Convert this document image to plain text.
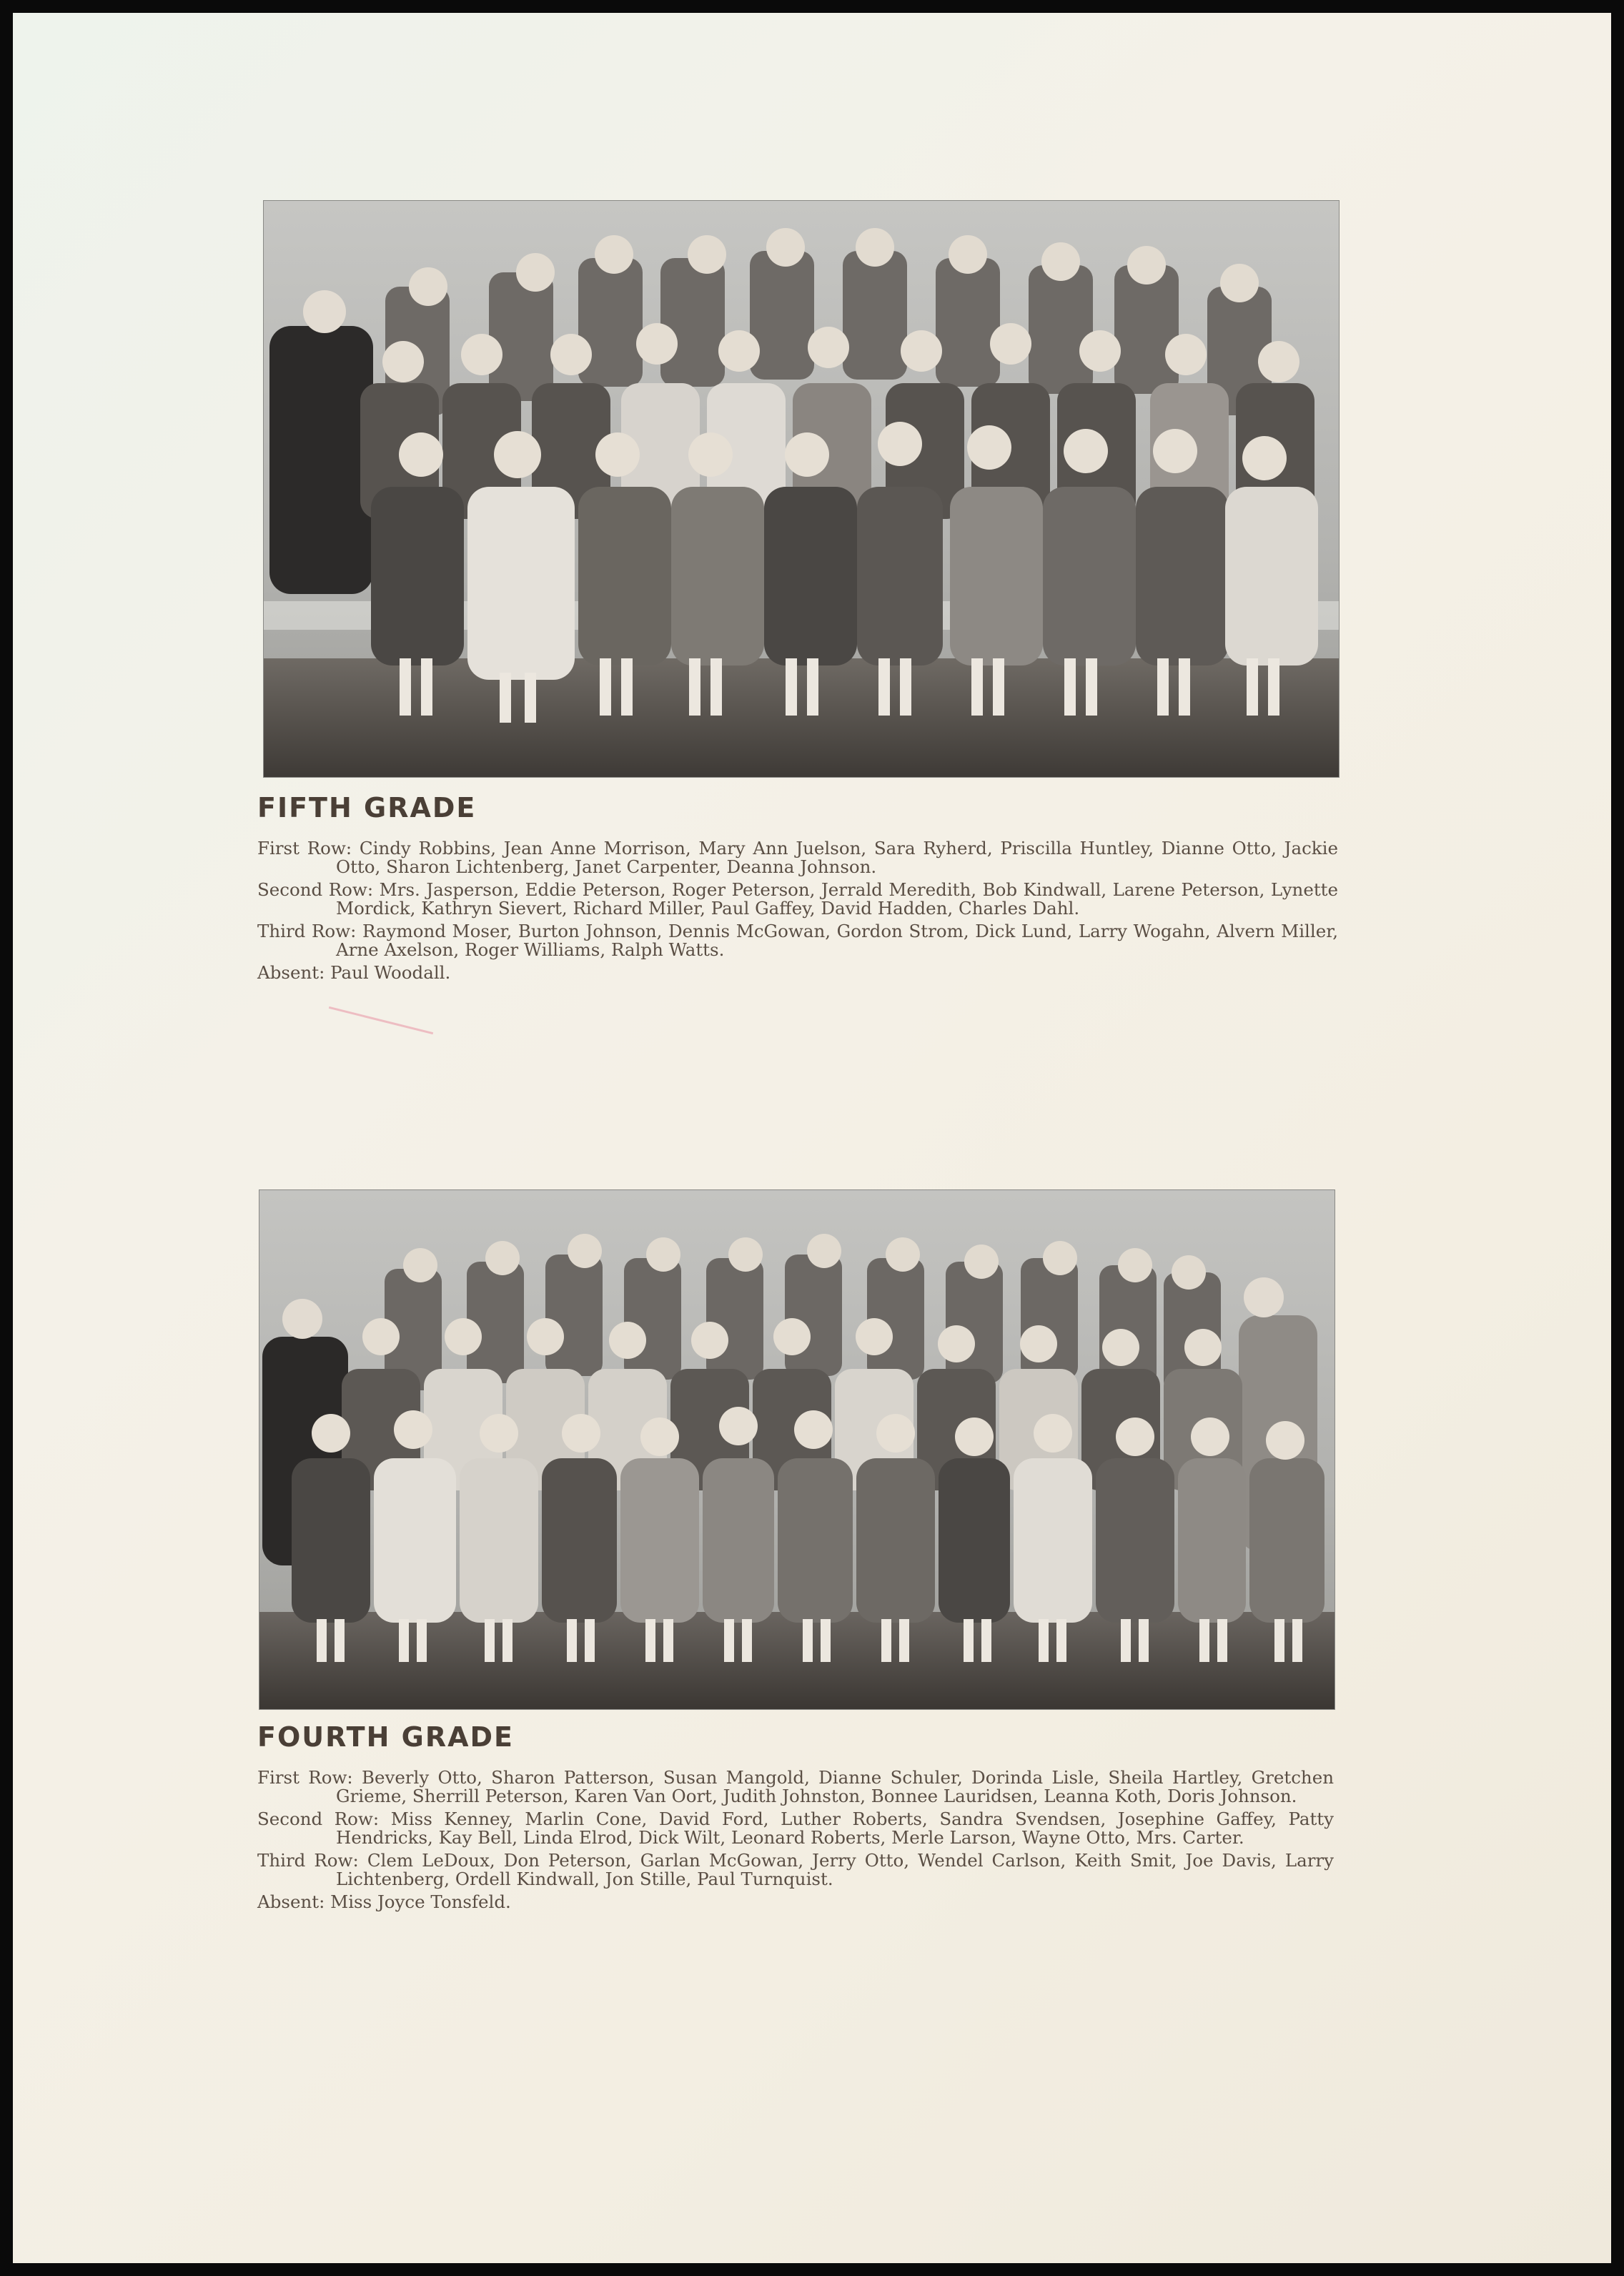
FIFTH GRADE

First Row: Cindy Robbins, Jean Anne Morrison, Mary Ann Juelson, Sara Ryherd, Priscilla Huntley, Dianne Otto, Jackie Otto, Sharon Lichtenberg, Janet Carpenter, Deanna Johnson.

Second Row: Mrs. Jasperson, Eddie Peterson, Roger Peterson, Jerrald Meredith, Bob Kindwall, Larene Peterson, Lynette Mordick, Kathryn Sievert, Richard Miller, Paul Gaffey, David Hadden, Charles Dahl.

Third Row: Raymond Moser, Burton Johnson, Dennis McGowan, Gordon Strom, Dick Lund, Larry Wogahn, Alvern Miller, Arne Axelson, Roger Williams, Ralph Watts.

Absent: Paul Woodall.

FOURTH GRADE

First Row: Beverly Otto, Sharon Patterson, Susan Mangold, Dianne Schuler, Dorinda Lisle, Sheila Hartley, Gretchen Grieme, Sherrill Peterson, Karen Van Oort, Judith Johnston, Bonnee Lauridsen, Leanna Koth, Doris Johnson.

Second Row: Miss Kenney, Marlin Cone, David Ford, Luther Roberts, Sandra Svendsen, Josephine Gaffey, Patty Hendricks, Kay Bell, Linda Elrod, Dick Wilt, Leonard Roberts, Merle Larson, Wayne Otto, Mrs. Carter.

Third Row: Clem LeDoux, Don Peterson, Garlan McGowan, Jerry Otto, Wendel Carlson, Keith Smit, Joe Davis, Larry Lichtenberg, Ordell Kindwall, Jon Stille, Paul Turnquist.

Absent: Miss Joyce Tonsfeld.
